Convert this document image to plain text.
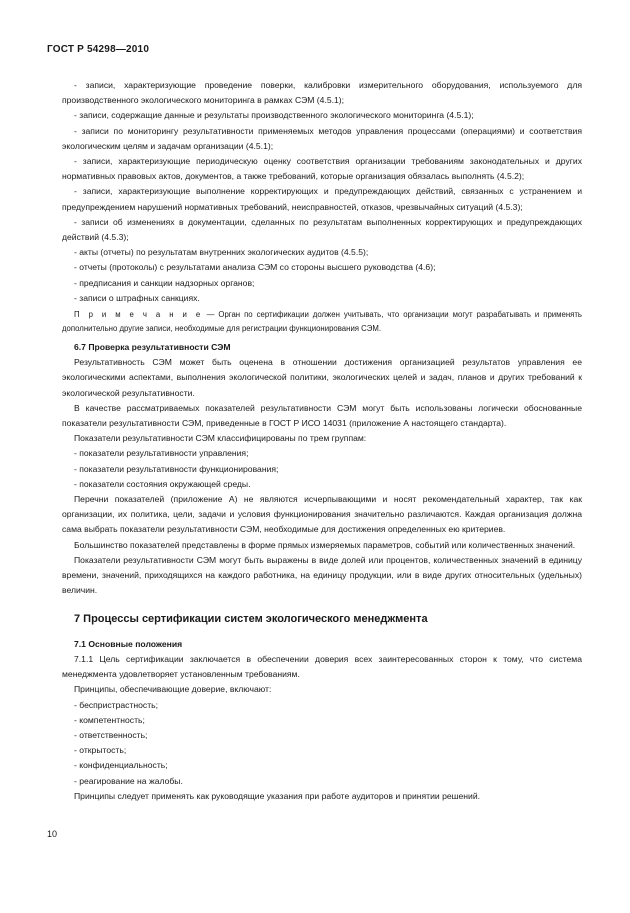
ГОСТ Р 54298—2010

- записи, характеризующие проведение поверки, калибровки измерительного оборудования, используемого для производственного экологического мониторинга в рамках СЭМ (4.5.1);

- записи, содержащие данные и результаты производственного экологического мониторинга (4.5.1);

- записи по мониторингу результативности применяемых методов управления процессами (операциями) и соответствия экологическим целям и задачам организации (4.5.1);

- записи, характеризующие периодическую оценку соответствия организации требованиям законодательных и других нормативных правовых актов, документов, а также требований, которые организация обязалась выполнять (4.5.2);

- записи, характеризующие выполнение корректирующих и предупреждающих действий, связанных с устранением и предупреждением нарушений нормативных требований, неисправностей, отказов, чрезвычайных ситуаций (4.5.3);

- записи об изменениях в документации, сделанных по результатам выполненных корректирующих и предупреждающих действий (4.5.3);

- акты (отчеты) по результатам внутренних экологических аудитов (4.5.5);

- отчеты (протоколы) с результатами анализа СЭМ со стороны высшего руководства (4.6);

- предписания и санкции надзорных органов;

- записи о штрафных санкциях.

П р и м е ч а н и е — Орган по сертификации должен учитывать, что организации могут разрабатывать и применять дополнительно другие записи, необходимые для регистрации функционирования СЭМ.

6.7 Проверка результативности СЭМ

Результативность СЭМ может быть оценена в отношении достижения организацией результатов управления ее экологическими аспектами, выполнения экологической политики, экологических целей и задач, планов и других требований к экологической результативности.

В качестве рассматриваемых показателей результативности СЭМ могут быть использованы логически обоснованные показатели результативности СЭМ, приведенные в ГОСТ Р ИСО 14031 (приложение А настоящего стандарта).

Показатели результативности СЭМ классифицированы по трем группам:

- показатели результативности управления;

- показатели результативности функционирования;

- показатели состояния окружающей среды.

Перечни показателей (приложение А) не являются исчерпывающими и носят рекомендательный характер, так как организации, их политика, цели, задачи и условия функционирования значительно различаются. Каждая организация должна сама выбрать показатели результативности СЭМ, необходимые для достижения определенных ею критериев.

Большинство показателей представлены в форме прямых измеряемых параметров, событий или количественных значений.

Показатели результативности СЭМ могут быть выражены в виде долей или процентов, количественных значений в единицу времени, значений, приходящихся на каждого работника, на единицу продукции, или в виде других относительных (удельных) величин.

7 Процессы сертификации систем экологического менеджмента

7.1 Основные положения

7.1.1 Цель сертификации заключается в обеспечении доверия всех заинтересованных сторон к тому, что система менеджмента удовлетворяет установленным требованиям.

Принципы, обеспечивающие доверие, включают:

- беспристрастность;

- компетентность;

- ответственность;

- открытость;

- конфиденциальность;

- реагирование на жалобы.

Принципы следует применять как руководящие указания при работе аудиторов и принятии решений.

10
